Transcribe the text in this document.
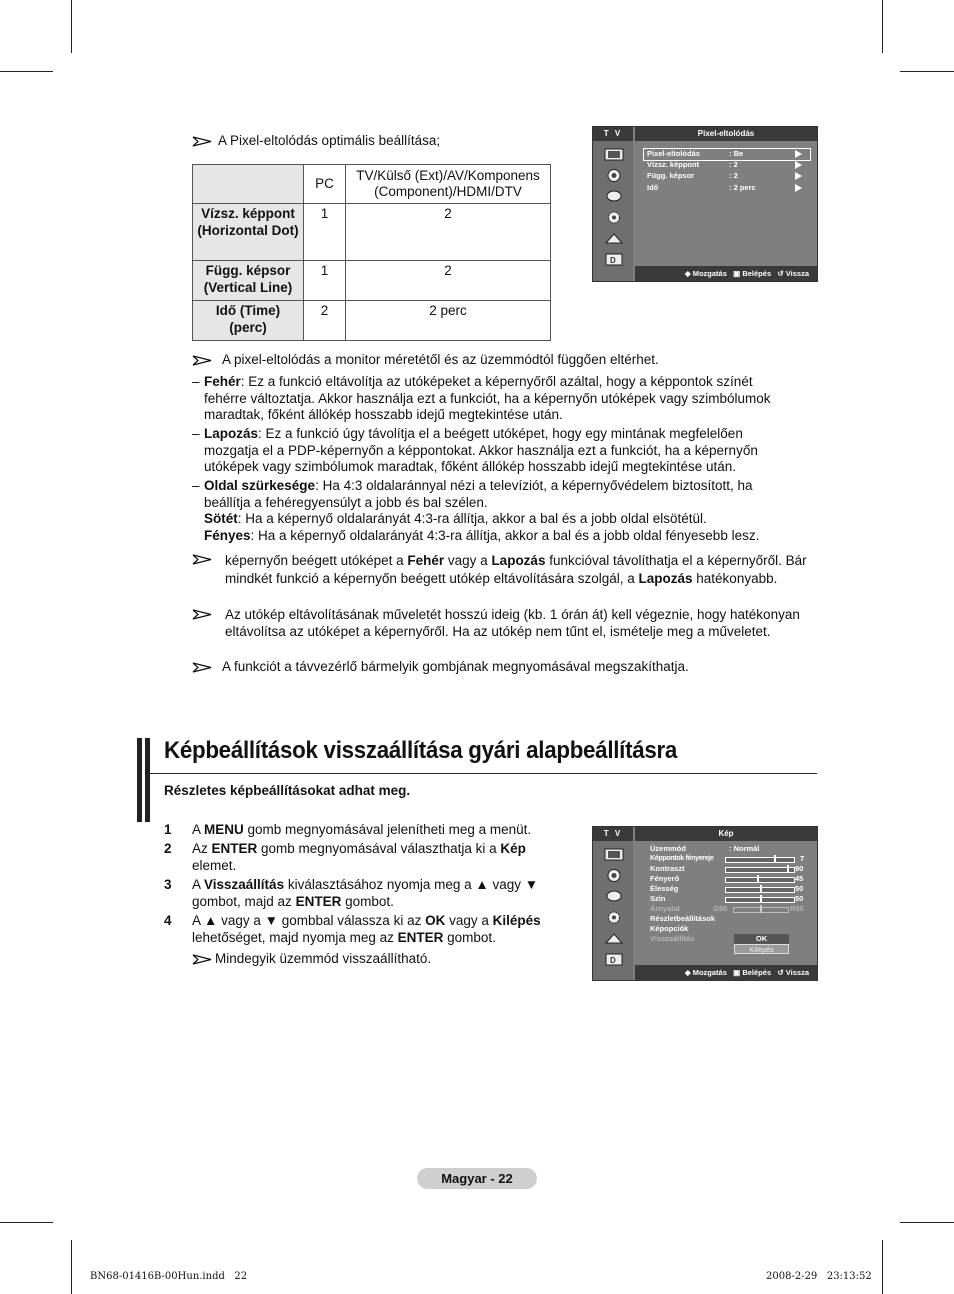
A Pixel-eltolódás optimális beállítása;
	PC	TV/Külső (Ext)/AV/Komponens (Component)/HDMI/DTV
Vízsz. képpont (Horizontal Dot)	1	2
Függ. képsor (Vertical Line)	1	2
Idő (Time) (perc)	2	2 perc
A pixel-eltolódás a monitor méretétől és az üzemmódtól függően eltérhet.
– Fehér: Ez a funkció eltávolítja az utóképeket a képernyőről azáltal, hogy a képpontok színét fehérre változtatja. Akkor használja ezt a funkciót, ha a képernyőn utóképek vagy szimbólumok maradtak, főként állókép hosszabb idejű megtekintése után.
– Lapozás: Ez a funkció úgy távolítja el a beégett utóképet, hogy egy mintának megfelelően mozgatja el a PDP-képernyőn a képpontokat. Akkor használja ezt a funkciót, ha a képernyőn utóképek vagy szimbólumok maradtak, főként állókép hosszabb idejű megtekintése után.
– Oldal szürkesége: Ha 4:3 oldalaránnyal nézi a televíziót, a képernyővédelem biztosított, ha beállítja a fehéregyensúlyt a jobb és bal szélen.
Sötét: Ha a képernyő oldalarányát 4:3-ra állítja, akkor a bal és a jobb oldal elsötétül.
Fényes: Ha a képernyő oldalarányát 4:3-ra állítja, akkor a bal és a jobb oldal fényesebb lesz.
képernyőn beégett utóképet a Fehér vagy a Lapozás funkcióval távolíthatja el a képernyőről. Bár mindkét funkció a képernyőn beégett utókép eltávolítására szolgál, a Lapozás hatékonyabb.
Az utókép eltávolításának műveletét hosszú ideig (kb. 1 órán át) kell végeznie, hogy hatékonyan eltávolítsa az utóképet a képernyőről. Ha az utókép nem tűnt el, ismételje meg a műveletet.
A funkciót a távvezérlő bármelyik gombjának megnyomásával megszakíthatja.
T V	Pixel-eltolódás
D
Pixel-eltolódás	: Be
Vízsz. képpont	: 2
Függ. képsor	: 2
Idő	: 2 perc
◆ Mozgatás ▣ Belépés ↺ Vissza
Képbeállítások visszaállítása gyári alapbeállításra
Részletes képbeállításokat adhat meg.
1 A MENU gomb megnyomásával jelenítheti meg a menüt.
2 Az ENTER gomb megnyomásával választhatja ki a Kép elemet.
3 A Visszaállítás kiválasztásához nyomja meg a ▲ vagy ▼ gombot, majd az ENTER gombot.
4 A ▲ vagy a ▼ gombbal válassza ki az OK vagy a Kilépés lehetőséget, majd nyomja meg az ENTER gombot.
Mindegyik üzemmód visszaállítható.
T V	Kép
D
Üzemmód	: Normál
Képpontok fényereje	7
Kontraszt	90
Fényerő	45
Élesség	50
Szín	50
Árnyalat	G50	R50
Részletbeállítások
Képopciók
Visszaállítás	OK
Kilépés
◆ Mozgatás ▣ Belépés ↺ Vissza
Magyar - 22
BN68-01416B-00Hun.indd   22	2008-2-29   23:13:52
